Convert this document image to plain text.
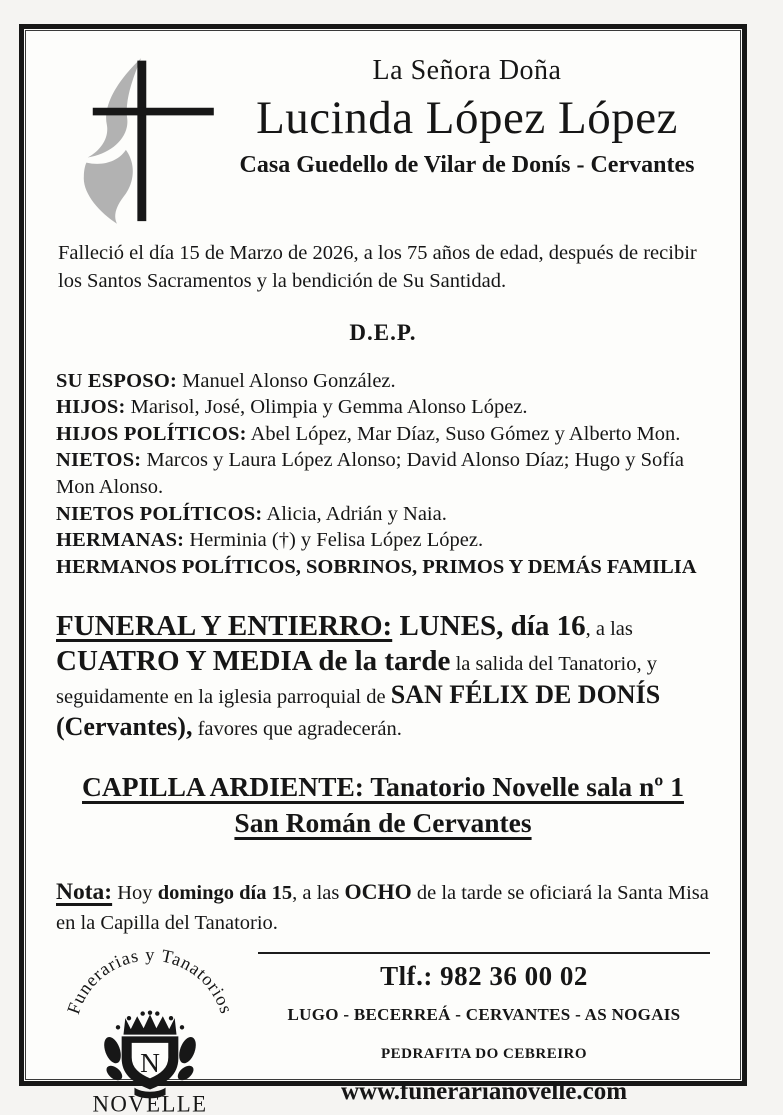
La Señora Doña
Lucinda López López
Casa Guedello de Vilar de Donís - Cervantes

Falleció el día 15 de Marzo de 2026, a los 75 años de edad, después de recibir los Santos Sacramentos y la bendición de Su Santidad.

D.E.P.
SU ESPOSO: Manuel Alonso González.
HIJOS: Marisol, José, Olimpia y Gemma Alonso López.
HIJOS POLÍTICOS: Abel López, Mar Díaz, Suso Gómez y Alberto Mon.
NIETOS: Marcos y Laura López Alonso; David Alonso Díaz; Hugo y Sofía Mon Alonso.
NIETOS POLÍTICOS: Alicia, Adrián y Naia.
HERMANAS: Herminia (†) y Felisa López López.
HERMANOS POLÍTICOS, SOBRINOS, PRIMOS Y DEMÁS FAMILIA

FUNERAL Y ENTIERRO: LUNES, día 16, a las CUATRO Y MEDIA de la tarde la salida del Tanatorio, y seguidamente en la iglesia parroquial de SAN FÉLIX DE DONÍS (Cervantes), favores que agradecerán.

CAPILLA ARDIENTE: Tanatorio Novelle sala nº 1
San Román de Cervantes

Nota: Hoy domingo día 15, a las OCHO de la tarde se oficiará la Santa Misa en la Capilla del Tanatorio.

Funerarias y Tanatorios
N
NOVELLE
Tlf.: 982 36 00 02
LUGO - BECERREÁ - CERVANTES - AS NOGAIS
PEDRAFITA DO CEBREIRO
www.funerarianovelle.com
